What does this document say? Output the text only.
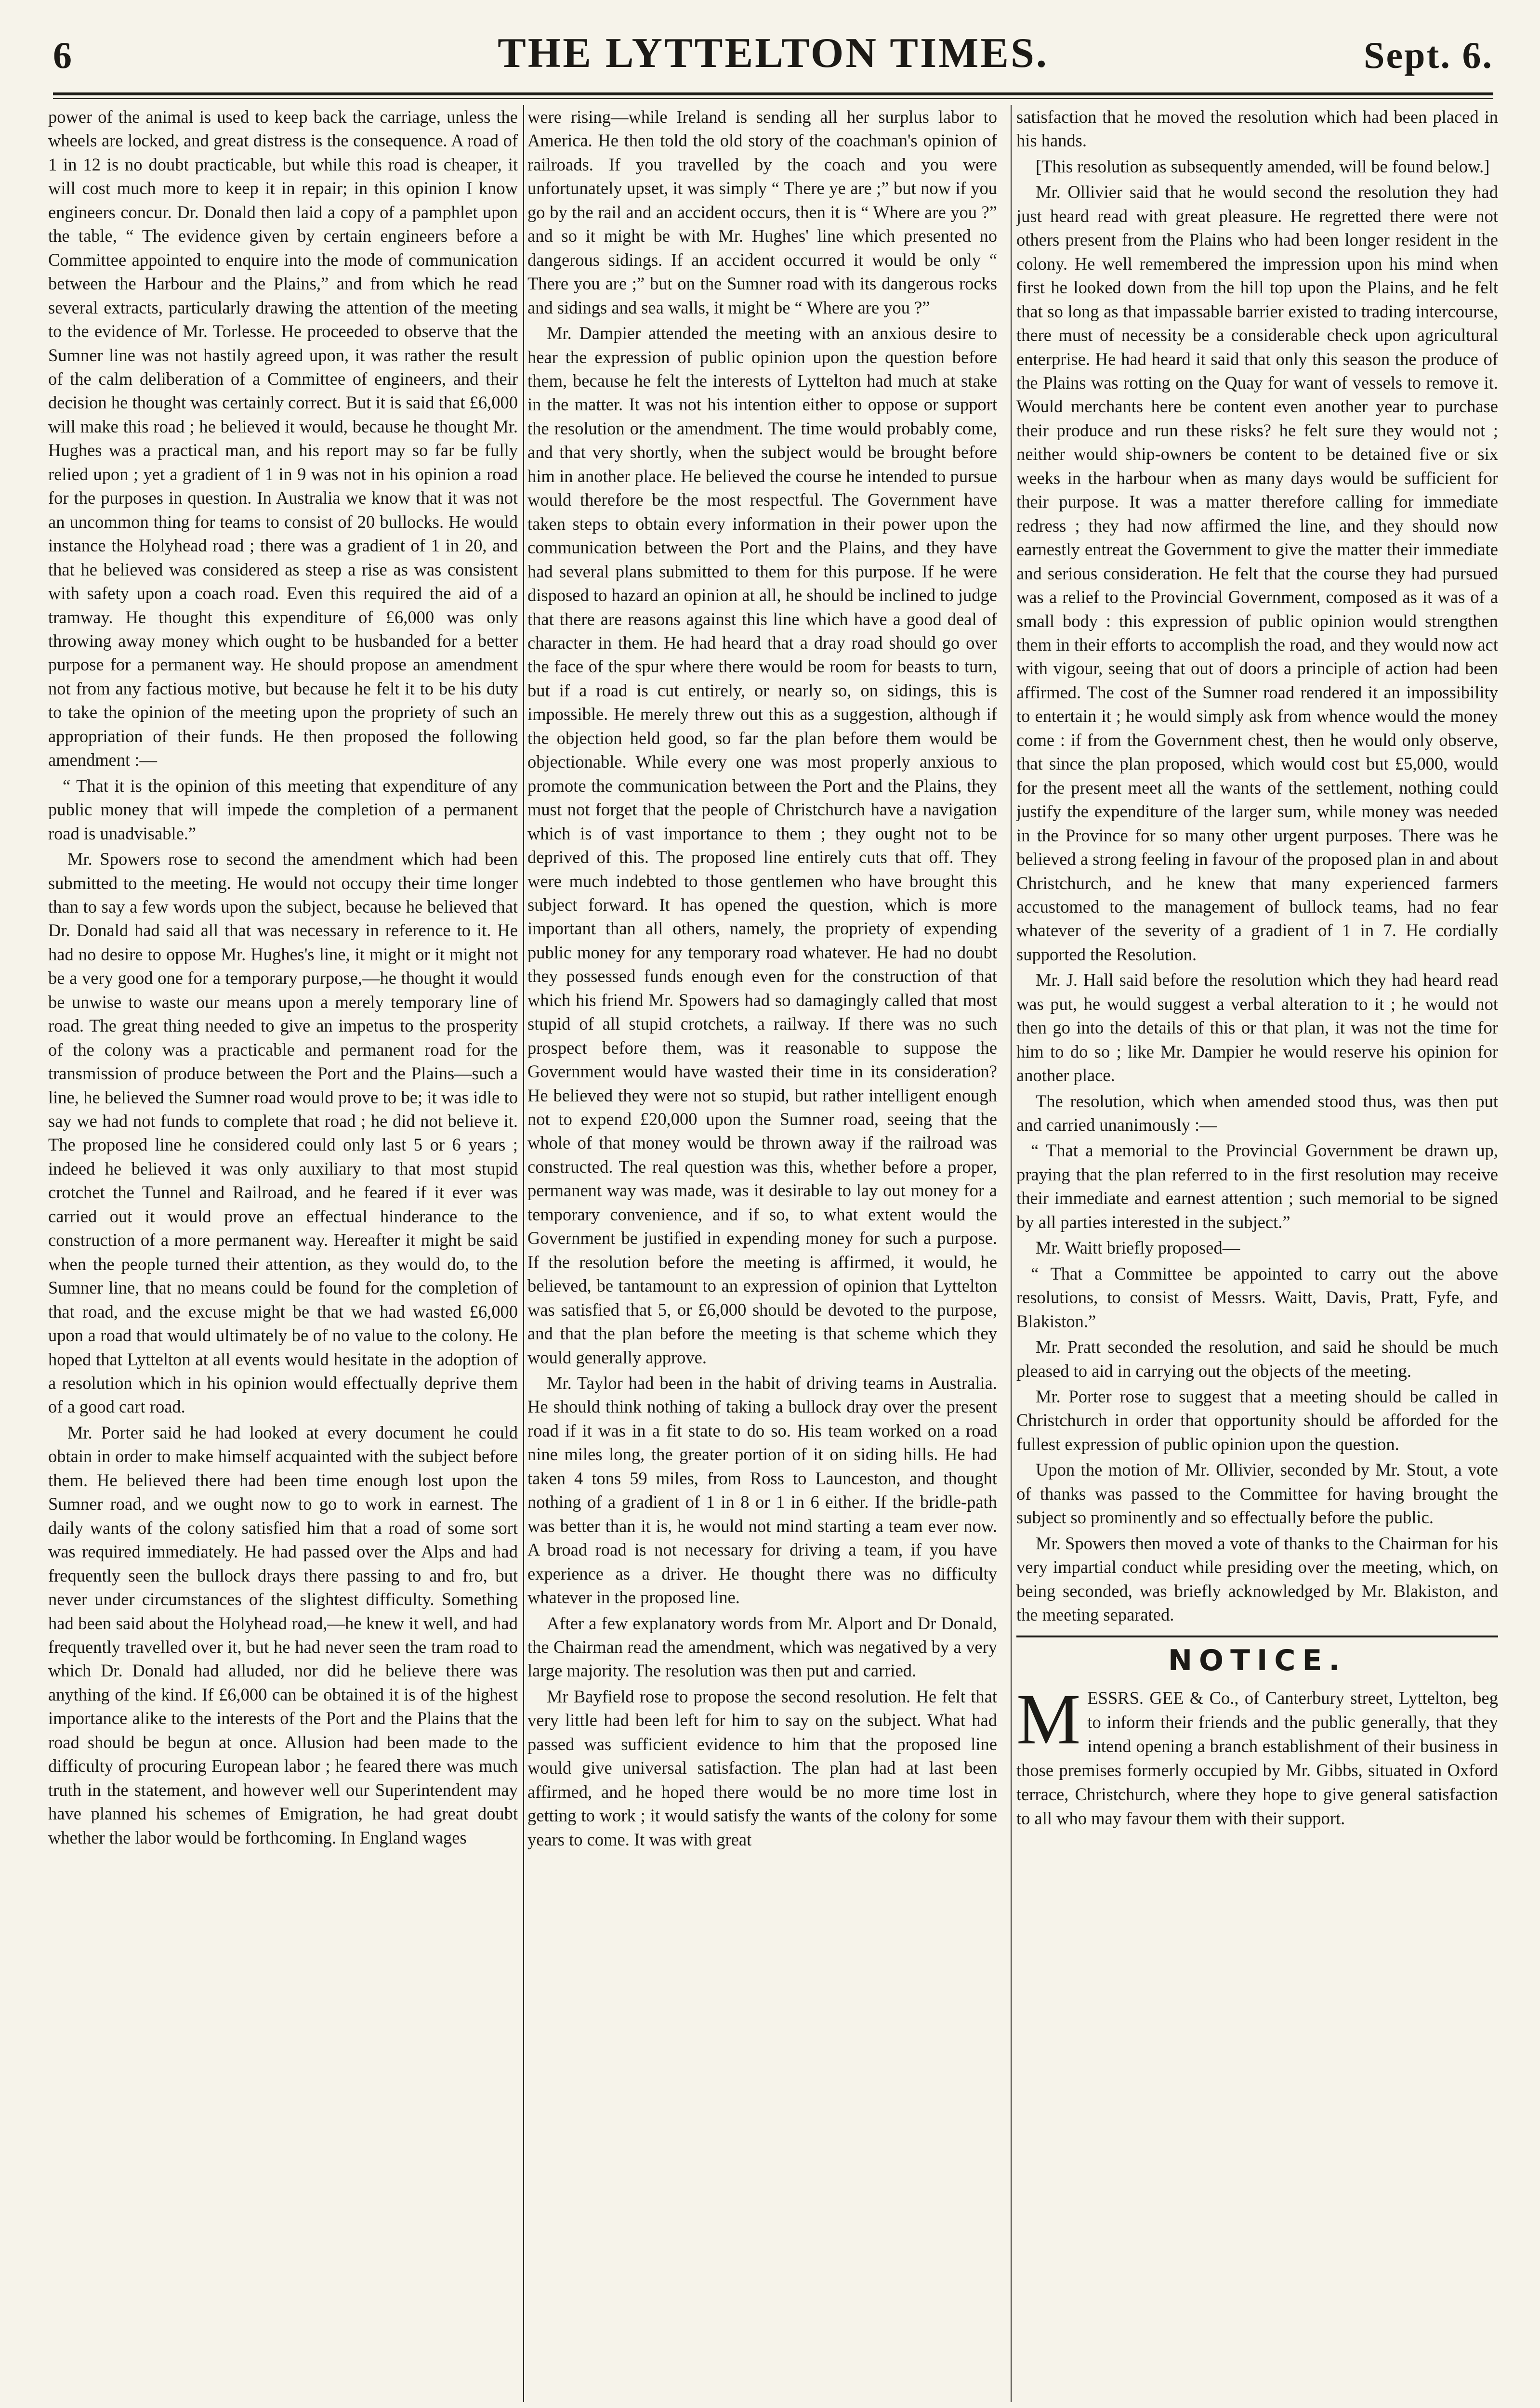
6	THE LYTTELTON TIMES.	Sept. 6.

power of the animal is used to keep back the carriage, unless the wheels are locked, and great distress is the consequence. A road of 1 in 12 is no doubt practicable, but while this road is cheaper, it will cost much more to keep it in repair; in this opinion I know engineers concur. Dr. Donald then laid a copy of a pamphlet upon the table, “ The evidence given by certain engineers before a Committee appointed to enquire into the mode of communication between the Harbour and the Plains,” and from which he read several extracts, particularly drawing the attention of the meeting to the evidence of Mr. Torlesse. He proceeded to observe that the Sumner line was not hastily agreed upon, it was rather the result of the calm deliberation of a Committee of engineers, and their decision he thought was certainly correct. But it is said that £6,000 will make this road ; he believed it would, because he thought Mr. Hughes was a practical man, and his report may so far be fully relied upon ; yet a gradient of 1 in 9 was not in his opinion a road for the purposes in question. In Australia we know that it was not an uncommon thing for teams to consist of 20 bullocks. He would instance the Holyhead road ; there was a gradient of 1 in 20, and that he believed was considered as steep a rise as was consistent with safety upon a coach road. Even this required the aid of a tramway. He thought this expenditure of £6,000 was only throwing away money which ought to be husbanded for a better purpose for a permanent way. He should propose an amendment not from any factious motive, but because he felt it to be his duty to take the opinion of the meeting upon the propriety of such an appropriation of their funds. He then proposed the following amendment :—

“ That it is the opinion of this meeting that expenditure of any public money that will impede the completion of a permanent road is unadvisable.”

Mr. Spowers rose to second the amendment which had been submitted to the meeting. He would not occupy their time longer than to say a few words upon the subject, because he believed that Dr. Donald had said all that was necessary in reference to it. He had no desire to oppose Mr. Hughes's line, it might or it might not be a very good one for a temporary purpose,—he thought it would be unwise to waste our means upon a merely temporary line of road. The great thing needed to give an impetus to the prosperity of the colony was a practicable and permanent road for the transmission of produce between the Port and the Plains—such a line, he believed the Sumner road would prove to be; it was idle to say we had not funds to complete that road ; he did not believe it. The proposed line he considered could only last 5 or 6 years ; indeed he believed it was only auxiliary to that most stupid crotchet the Tunnel and Railroad, and he feared if it ever was carried out it would prove an effectual hinderance to the construction of a more permanent way. Hereafter it might be said when the people turned their attention, as they would do, to the Sumner line, that no means could be found for the completion of that road, and the excuse might be that we had wasted £6,000 upon a road that would ultimately be of no value to the colony. He hoped that Lyttelton at all events would hesitate in the adoption of a resolution which in his opinion would effectually deprive them of a good cart road.

Mr. Porter said he had looked at every document he could obtain in order to make himself acquainted with the subject before them. He believed there had been time enough lost upon the Sumner road, and we ought now to go to work in earnest. The daily wants of the colony satisfied him that a road of some sort was required immediately. He had passed over the Alps and had frequently seen the bullock drays there passing to and fro, but never under circumstances of the slightest difficulty. Something had been said about the Holyhead road,—he knew it well, and had frequently travelled over it, but he had never seen the tram road to which Dr. Donald had alluded, nor did he believe there was anything of the kind. If £6,000 can be obtained it is of the highest importance alike to the interests of the Port and the Plains that the road should be begun at once. Allusion had been made to the difficulty of procuring European labor ; he feared there was much truth in the statement, and however well our Superintendent may have planned his schemes of Emigration, he had great doubt whether the labor would be forthcoming. In England wages

were rising—while Ireland is sending all her surplus labor to America. He then told the old story of the coachman's opinion of railroads. If you travelled by the coach and you were unfortunately upset, it was simply “ There ye are ;” but now if you go by the rail and an accident occurs, then it is “ Where are you ?” and so it might be with Mr. Hughes' line which presented no dangerous sidings. If an accident occurred it would be only “ There you are ;” but on the Sumner road with its dangerous rocks and sidings and sea walls, it might be “ Where are you ?”

Mr. Dampier attended the meeting with an anxious desire to hear the expression of public opinion upon the question before them, because he felt the interests of Lyttelton had much at stake in the matter. It was not his intention either to oppose or support the resolution or the amendment. The time would probably come, and that very shortly, when the subject would be brought before him in another place. He believed the course he intended to pursue would therefore be the most respectful. The Government have taken steps to obtain every information in their power upon the communication between the Port and the Plains, and they have had several plans submitted to them for this purpose. If he were disposed to hazard an opinion at all, he should be inclined to judge that there are reasons against this line which have a good deal of character in them. He had heard that a dray road should go over the face of the spur where there would be room for beasts to turn, but if a road is cut entirely, or nearly so, on sidings, this is impossible. He merely threw out this as a suggestion, although if the objection held good, so far the plan before them would be objectionable. While every one was most properly anxious to promote the communication between the Port and the Plains, they must not forget that the people of Christchurch have a navigation which is of vast importance to them ; they ought not to be deprived of this. The proposed line entirely cuts that off. They were much indebted to those gentlemen who have brought this subject forward. It has opened the question, which is more important than all others, namely, the propriety of expending public money for any temporary road whatever. He had no doubt they possessed funds enough even for the construction of that which his friend Mr. Spowers had so damagingly called that most stupid of all stupid crotchets, a railway. If there was no such prospect before them, was it reasonable to suppose the Government would have wasted their time in its consideration? He believed they were not so stupid, but rather intelligent enough not to expend £20,000 upon the Sumner road, seeing that the whole of that money would be thrown away if the railroad was constructed. The real question was this, whether before a proper, permanent way was made, was it desirable to lay out money for a temporary convenience, and if so, to what extent would the Government be justified in expending money for such a purpose. If the resolution before the meeting is affirmed, it would, he believed, be tantamount to an expression of opinion that Lyttelton was satisfied that 5, or £6,000 should be devoted to the purpose, and that the plan before the meeting is that scheme which they would generally approve.

Mr. Taylor had been in the habit of driving teams in Australia. He should think nothing of taking a bullock dray over the present road if it was in a fit state to do so. His team worked on a road nine miles long, the greater portion of it on siding hills. He had taken 4 tons 59 miles, from Ross to Launceston, and thought nothing of a gradient of 1 in 8 or 1 in 6 either. If the bridle-path was better than it is, he would not mind starting a team ever now. A broad road is not necessary for driving a team, if you have experience as a driver. He thought there was no difficulty whatever in the proposed line.

After a few explanatory words from Mr. Alport and Dr Donald, the Chairman read the amendment, which was negatived by a very large majority. The resolution was then put and carried.

Mr Bayfield rose to propose the second resolution. He felt that very little had been left for him to say on the subject. What had passed was sufficient evidence to him that the proposed line would give universal satisfaction. The plan had at last been affirmed, and he hoped there would be no more time lost in getting to work ; it would satisfy the wants of the colony for some years to come. It was with great

satisfaction that he moved the resolution which had been placed in his hands.

[This resolution as subsequently amended, will be found below.]

Mr. Ollivier said that he would second the resolution they had just heard read with great pleasure. He regretted there were not others present from the Plains who had been longer resident in the colony. He well remembered the impression upon his mind when first he looked down from the hill top upon the Plains, and he felt that so long as that impassable barrier existed to trading intercourse, there must of necessity be a considerable check upon agricultural enterprise. He had heard it said that only this season the produce of the Plains was rotting on the Quay for want of vessels to remove it. Would merchants here be content even another year to purchase their produce and run these risks? he felt sure they would not ; neither would ship-owners be content to be detained five or six weeks in the harbour when as many days would be sufficient for their purpose. It was a matter therefore calling for immediate redress ; they had now affirmed the line, and they should now earnestly entreat the Government to give the matter their immediate and serious consideration. He felt that the course they had pursued was a relief to the Provincial Government, composed as it was of a small body : this expression of public opinion would strengthen them in their efforts to accomplish the road, and they would now act with vigour, seeing that out of doors a principle of action had been affirmed. The cost of the Sumner road rendered it an impossibility to entertain it ; he would simply ask from whence would the money come : if from the Government chest, then he would only observe, that since the plan proposed, which would cost but £5,000, would for the present meet all the wants of the settlement, nothing could justify the expenditure of the larger sum, while money was needed in the Province for so many other urgent purposes. There was he believed a strong feeling in favour of the proposed plan in and about Christchurch, and he knew that many experienced farmers accustomed to the management of bullock teams, had no fear whatever of the severity of a gradient of 1 in 7. He cordially supported the Resolution.

Mr. J. Hall said before the resolution which they had heard read was put, he would suggest a verbal alteration to it ; he would not then go into the details of this or that plan, it was not the time for him to do so ; like Mr. Dampier he would reserve his opinion for another place.

The resolution, which when amended stood thus, was then put and carried unanimously :—

“ That a memorial to the Provincial Government be drawn up, praying that the plan referred to in the first resolution may receive their immediate and earnest attention ; such memorial to be signed by all parties interested in the subject.”

Mr. Waitt briefly proposed—

“ That a Committee be appointed to carry out the above resolutions, to consist of Messrs. Waitt, Davis, Pratt, Fyfe, and Blakiston.”

Mr. Pratt seconded the resolution, and said he should be much pleased to aid in carrying out the objects of the meeting.

Mr. Porter rose to suggest that a meeting should be called in Christchurch in order that opportunity should be afforded for the fullest expression of public opinion upon the question.

Upon the motion of Mr. Ollivier, seconded by Mr. Stout, a vote of thanks was passed to the Committee for having brought the subject so prominently and so effectually before the public.

Mr. Spowers then moved a vote of thanks to the Chairman for his very impartial conduct while presiding over the meeting, which, on being seconded, was briefly acknowledged by Mr. Blakiston, and the meeting separated.

NOTICE.
MESSRS. GEE & Co., of Canterbury street, Lyttelton, beg to inform their friends and the public generally, that they intend opening a branch establishment of their business in those premises formerly occupied by Mr. Gibbs, situated in Oxford terrace, Christchurch, where they hope to give general satisfaction to all who may favour them with their support.
